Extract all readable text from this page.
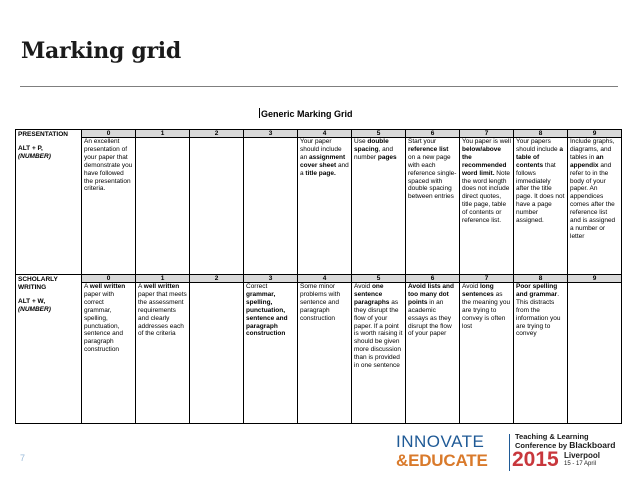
Marking grid
Generic Marking Grid
PRESENTATION
ALT + P,
(NUMBER)	0	1	2	3	4	5	6	7	8	9
	An excellent presentation of your paper that demonstrate you have followed the presentation criteria.				Your paper should include an assignment cover sheet and a title page.	Use double spacing, and number pages	Start your reference list on a new page with each reference single-spaced with double spacing between entries	You paper is well below/above the recommended word limit. Note the word length does not include direct quotes, title page, table of contents or reference list.	Your papers should include a table of contents that follows immediately after the title page. It does not have a page number assigned.	Include graphs, diagrams, and tables in an appendix and refer to in the body of your paper. An appendices comes after the reference list and is assigned a number or letter
SCHOLARLY WRITING
ALT + W,
(NUMBER)	0	1	2	3	4	5	6	7	8	9
	A well written paper with correct grammar, spelling, punctuation, sentence and paragraph construction	A well written paper that meets the assessment requirements and clearly addresses each of the criteria		Correct grammar, spelling, punctuation, sentence and paragraph construction	Some minor problems with sentence and paragraph construction	Avoid one sentence paragraphs as they disrupt the flow of your paper. If a point is worth raising it should be given more discussion than is provided in one sentence	Avoid lists and too many dot points in an academic essays as they disrupt the flow of your paper	Avoid long sentences as the meaning you are trying to convey is often lost	Poor spelling and grammar. This distracts from the information you are trying to convey	
7
INNOVATE
&EDUCATE
Teaching & Learning
Conference by Blackboard
2015 Liverpool
15 - 17 April
